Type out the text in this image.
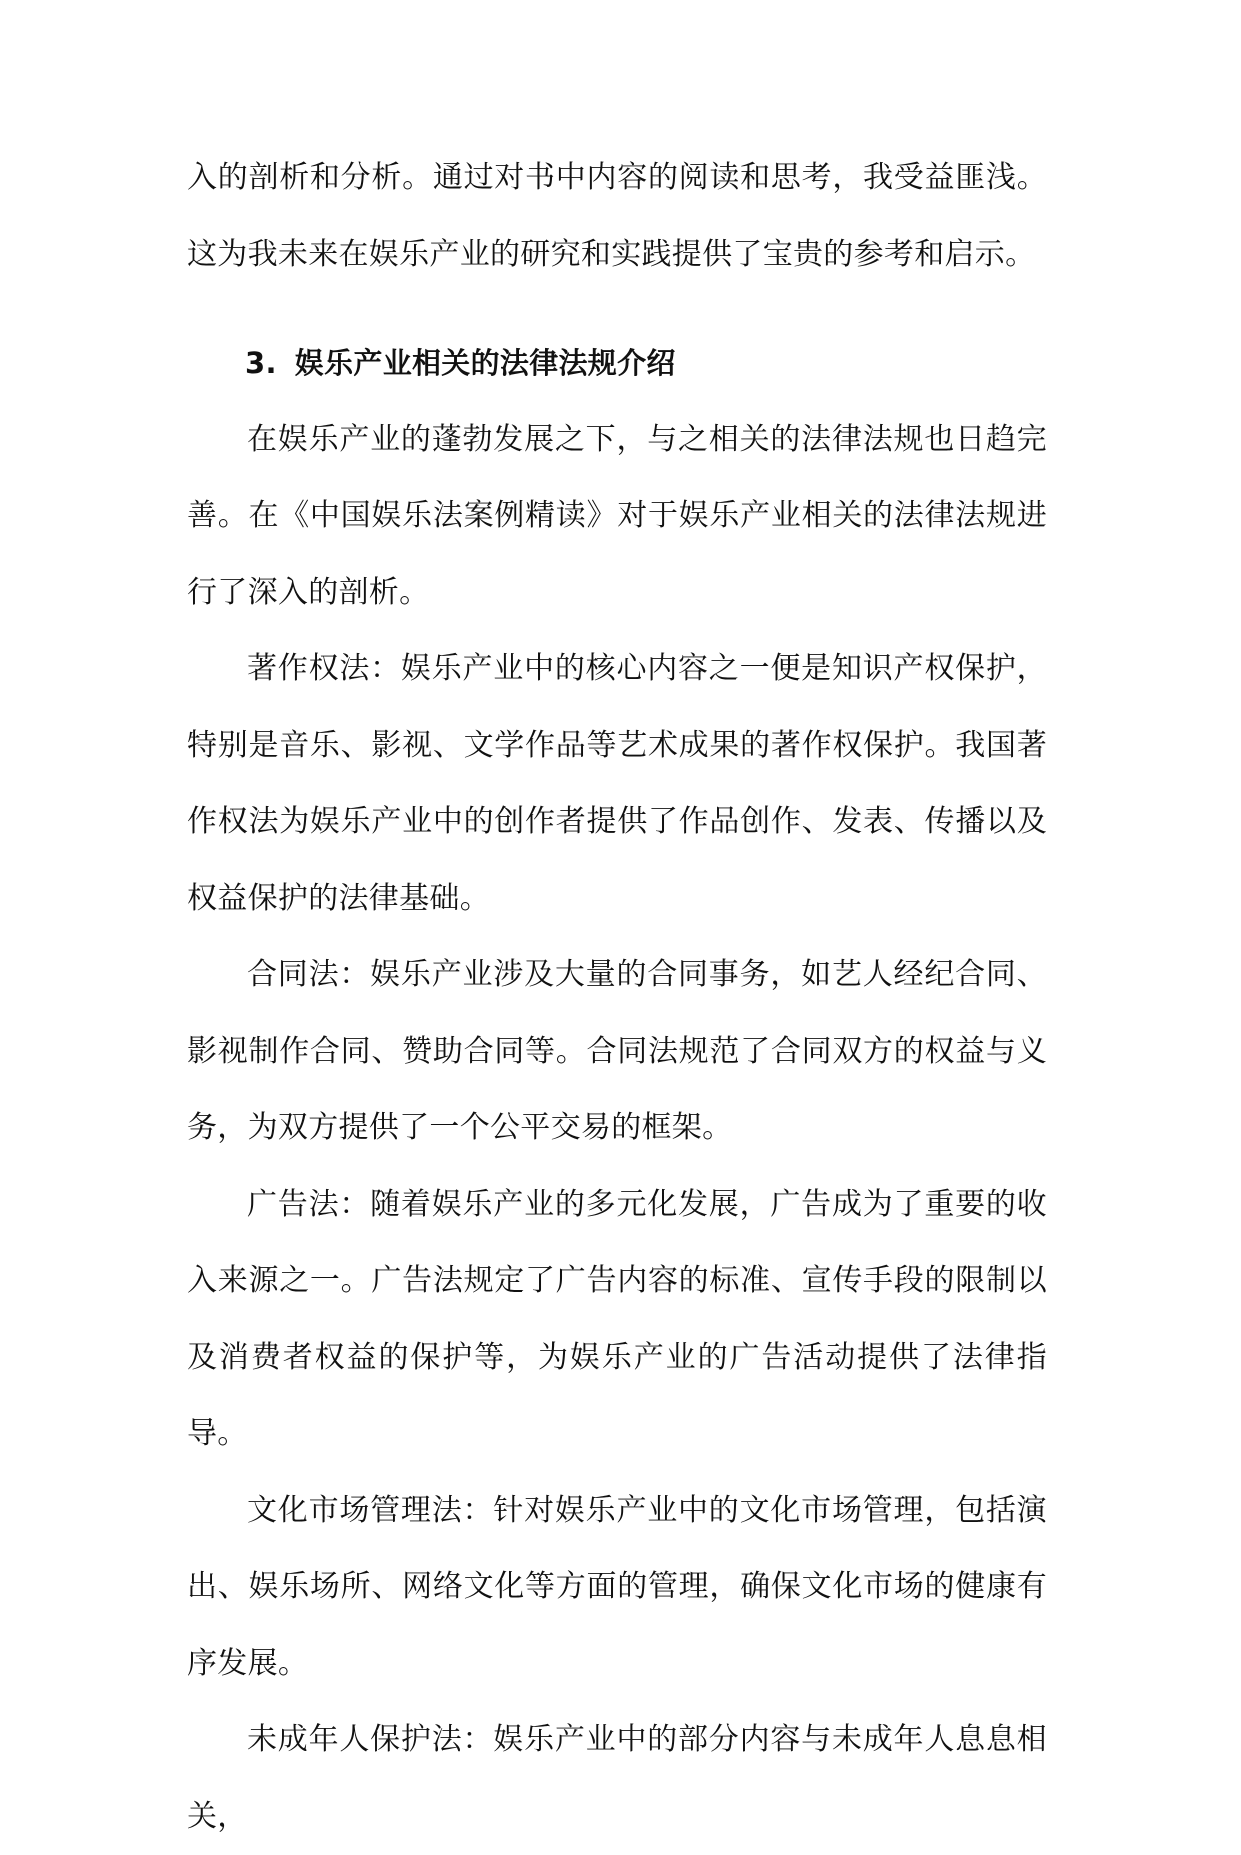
入的剖析和分析。通过对书中内容的阅读和思考，我受益匪浅。这为我未来在娱乐产业的研究和实践提供了宝贵的参考和启示。

3. 娱乐产业相关的法律法规介绍

在娱乐产业的蓬勃发展之下，与之相关的法律法规也日趋完善。在《中国娱乐法案例精读》对于娱乐产业相关的法律法规进行了深入的剖析。

著作权法：娱乐产业中的核心内容之一便是知识产权保护，特别是音乐、影视、文学作品等艺术成果的著作权保护。我国著作权法为娱乐产业中的创作者提供了作品创作、发表、传播以及权益保护的法律基础。

合同法：娱乐产业涉及大量的合同事务，如艺人经纪合同、影视制作合同、赞助合同等。合同法规范了合同双方的权益与义务，为双方提供了一个公平交易的框架。

广告法：随着娱乐产业的多元化发展，广告成为了重要的收入来源之一。广告法规定了广告内容的标准、宣传手段的限制以及消费者权益的保护等，为娱乐产业的广告活动提供了法律指导。

文化市场管理法：针对娱乐产业中的文化市场管理，包括演出、娱乐场所、网络文化等方面的管理，确保文化市场的健康有序发展。

未成年人保护法：娱乐产业中的部分内容与未成年人息息相关，
